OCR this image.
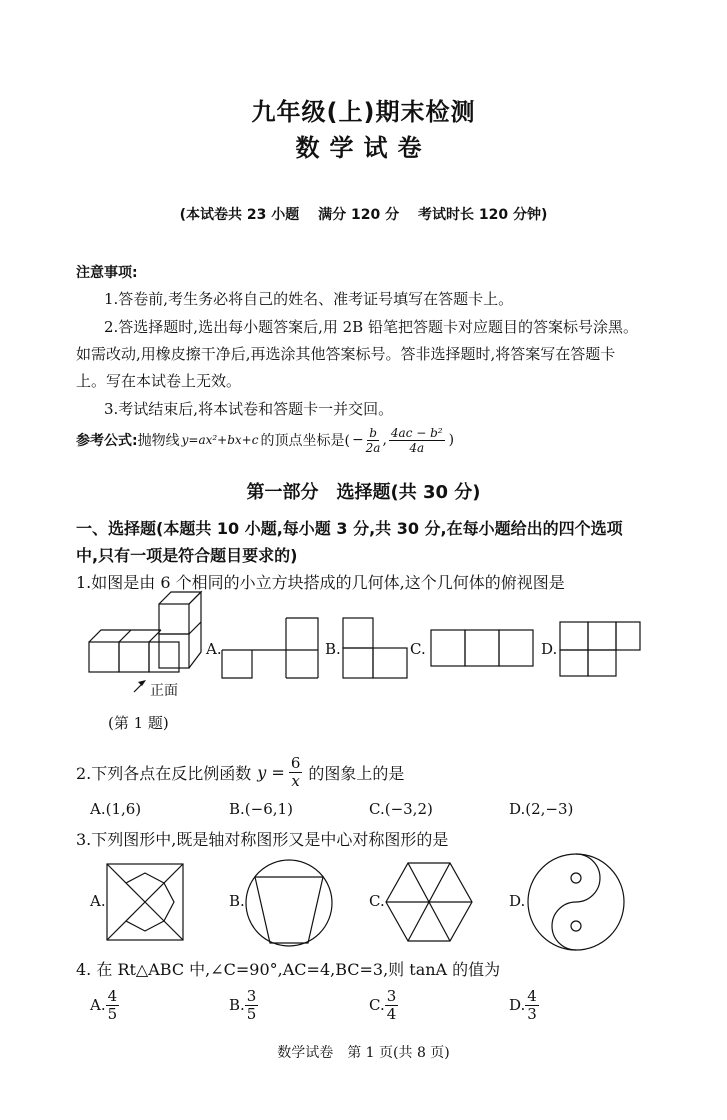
九年级(上)期末检测
数学试卷
(本试卷共 23 小题　 满分 120 分　 考试时长 120 分钟)
注意事项:
1.答卷前,考生务必将自己的姓名、准考证号填写在答题卡上。
2.答选择题时,选出每小题答案后,用 2B 铅笔把答题卡对应题目的答案标号涂黑。
如需改动,用橡皮擦干净后,再选涂其他答案标号。答非选择题时,将答案写在答题卡
上。写在本试卷上无效。
3.考试结束后,将本试卷和答题卡一并交回。
参考公式: 抛物线 y=ax²+bx+c 的顶点坐标是( − $\frac{b}{2a}$ , $\frac{\text{4ac − b²}}{4a}$ )
第一部分　选择题(共 30 分)
一、选择题(本题共 10 小题,每小题 3 分,共 30 分,在每小题给出的四个选项
中,只有一项是符合题目要求的)
1.如图是由 6 个相同的小立方块搭成的几何体,这个几何体的俯视图是
正面
(第 1 题)
A.	B.	C.	D.
2.下列各点在反比例函数 $y = \frac{6}{x}$ 的图象上的是
A.(1,6)	B.(−6,1)	C.(−3,2)	D.(2,−3)
3.下列图形中,既是轴对称图形又是中心对称图形的是
A.	B.	C.	D.
4. 在 Rt△ABC 中,∠C=90°,AC=4,BC=3,则 tanA 的值为
A. $\frac{4}{5}$	B. $\frac{3}{5}$	C. $\frac{3}{4}$	D. $\frac{4}{3}$
数学试卷　第 1 页(共 8 页)
